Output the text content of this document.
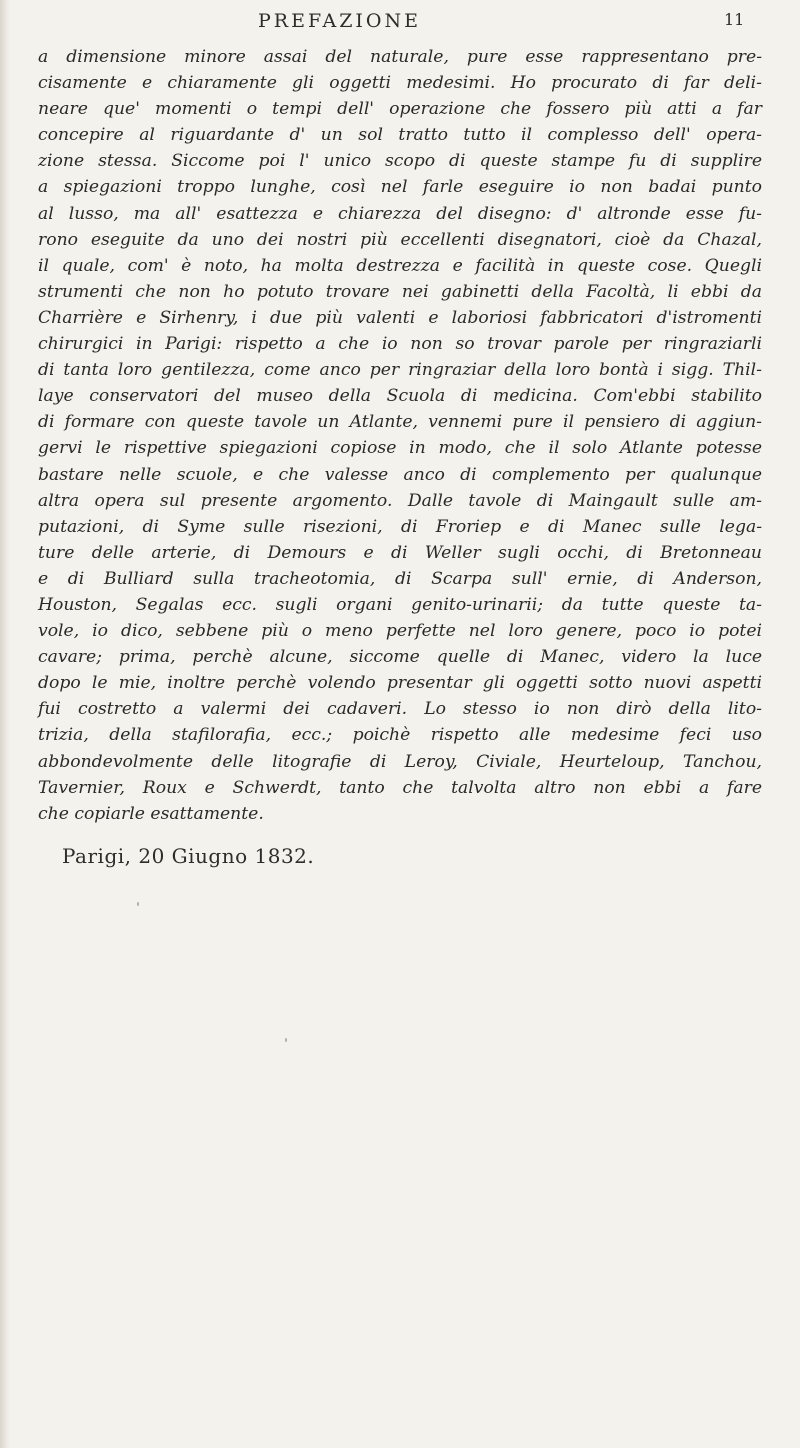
PREFAZIONE	11
a dimensione minore assai del naturale, pure esse rappresentano pre-
cisamente e chiaramente gli oggetti medesimi. Ho procurato di far deli-
neare que' momenti o tempi dell' operazione che fossero più atti a far
concepire al riguardante d' un sol tratto tutto il complesso dell' opera-
zione stessa. Siccome poi l' unico scopo di queste stampe fu di supplire
a spiegazioni troppo lunghe, così nel farle eseguire io non badai punto
al lusso, ma all' esattezza e chiarezza del disegno: d' altronde esse fu-
rono eseguite da uno dei nostri più eccellenti disegnatori, cioè da Chazal,
il quale, com' è noto, ha molta destrezza e facilità in queste cose. Quegli
strumenti che non ho potuto trovare nei gabinetti della Facoltà, li ebbi da
Charrière e Sirhenry, i due più valenti e laboriosi fabbricatori d'istromenti
chirurgici in Parigi: rispetto a che io non so trovar parole per ringraziarli
di tanta loro gentilezza, come anco per ringraziar della loro bontà i sigg. Thil-
laye conservatori del museo della Scuola di medicina. Com'ebbi stabilito
di formare con queste tavole un Atlante, vennemi pure il pensiero di aggiun-
gervi le rispettive spiegazioni copiose in modo, che il solo Atlante potesse
bastare nelle scuole, e che valesse anco di complemento per qualunque
altra opera sul presente argomento. Dalle tavole di Maingault sulle am-
putazioni, di Syme sulle risezioni, di Froriep e di Manec sulle lega-
ture delle arterie, di Demours e di Weller sugli occhi, di Bretonneau
e di Bulliard sulla tracheotomia, di Scarpa sull' ernie, di Anderson,
Houston, Segalas ecc. sugli organi genito-urinarii; da tutte queste ta-
vole, io dico, sebbene più o meno perfette nel loro genere, poco io potei
cavare; prima, perchè alcune, siccome quelle di Manec, videro la luce
dopo le mie, inoltre perchè volendo presentar gli oggetti sotto nuovi aspetti
fui costretto a valermi dei cadaveri. Lo stesso io non dirò della lito-
trizia, della stafilorafia, ecc.; poichè rispetto alle medesime feci uso
abbondevolmente delle litografie di Leroy, Civiale, Heurteloup, Tanchou,
Tavernier, Roux e Schwerdt, tanto che talvolta altro non ebbi a fare
che copiarle esattamente.
Parigi, 20 Giugno 1832.
